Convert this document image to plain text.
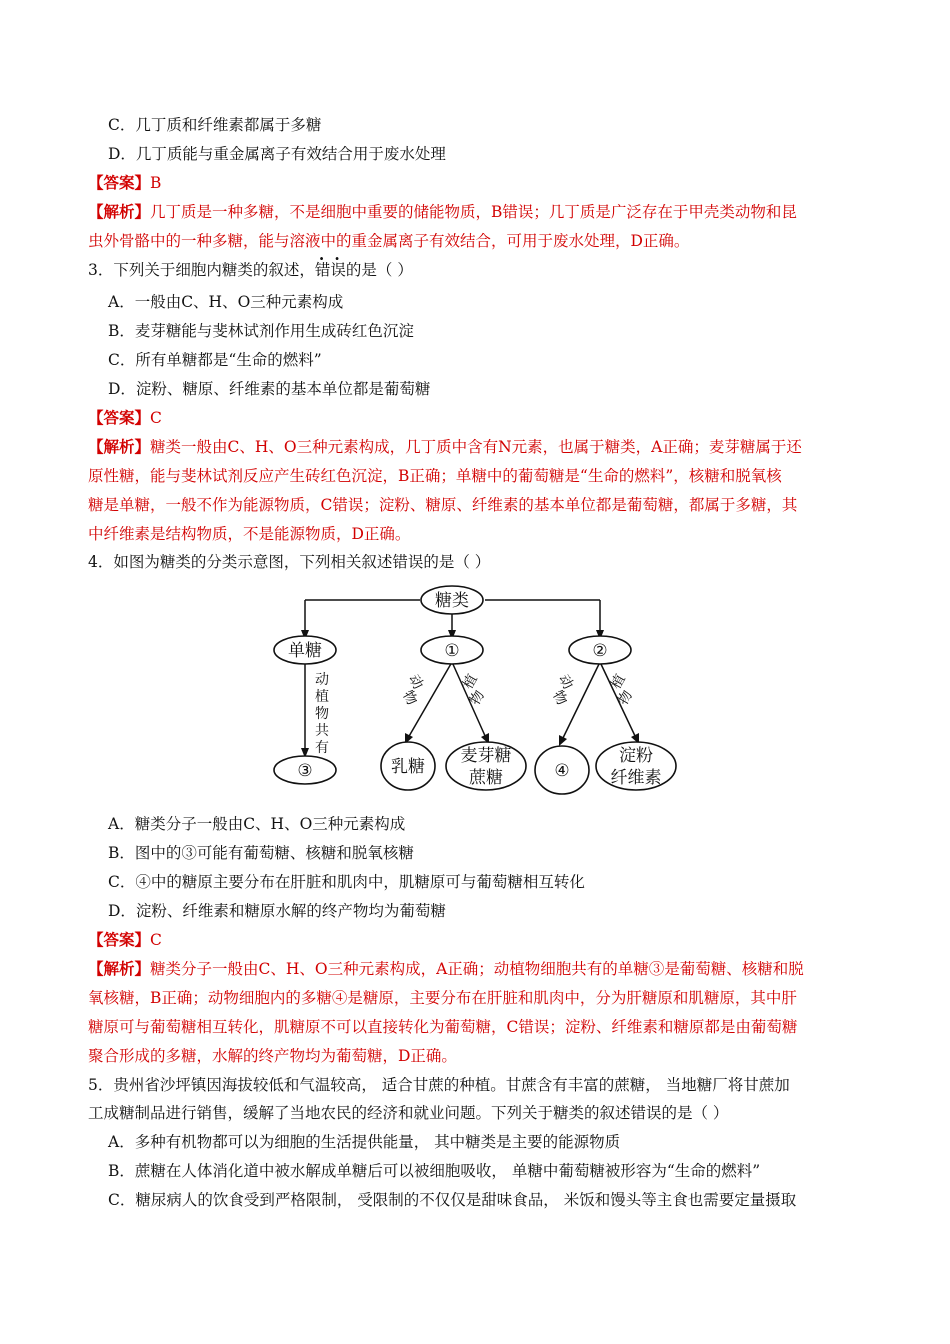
C．几丁质和纤维素都属于多糖
D．几丁质能与重金属离子有效结合用于废水处理
【答案】B
【解析】几丁质是一种多糖，不是细胞中重要的储能物质，B错误；几丁质是广泛存在于甲壳类动物和昆
虫外骨骼中的一种多糖，能与溶液中的重金属离子有效结合，可用于废水处理，D正确。
3．下列关于细胞内糖类的叙述，错误的是（ ）
A．一般由C、H、O三种元素构成
B．麦芽糖能与斐林试剂作用生成砖红色沉淀
C．所有单糖都是“生命的燃料”
D．淀粉、糖原、纤维素的基本单位都是葡萄糖
【答案】C
【解析】糖类一般由C、H、O三种元素构成，几丁质中含有N元素，也属于糖类，A正确；麦芽糖属于还
原性糖，能与斐林试剂反应产生砖红色沉淀，B正确；单糖中的葡萄糖是“生命的燃料”，核糖和脱氧核
糖是单糖，一般不作为能源物质，C错误；淀粉、糖原、纤维素的基本单位都是葡萄糖，都属于多糖，其
中纤维素是结构物质，不是能源物质，D正确。
4．如图为糖类的分类示意图，下列相关叙述错误的是（ ）
糖类
单糖	①	②
③	乳糖
麦芽糖
蔗糖	④
淀粉
纤维素
动
植
物
共
有
动
物
植
物
动
物
植
物
A．糖类分子一般由C、H、O三种元素构成
B．图中的③可能有葡萄糖、核糖和脱氧核糖
C．④中的糖原主要分布在肝脏和肌肉中，肌糖原可与葡萄糖相互转化
D．淀粉、纤维素和糖原水解的终产物均为葡萄糖
【答案】C
【解析】糖类分子一般由C、H、O三种元素构成，A正确；动植物细胞共有的单糖③是葡萄糖、核糖和脱
氧核糖，B正确；动物细胞内的多糖④是糖原，主要分布在肝脏和肌肉中，分为肝糖原和肌糖原，其中肝
糖原可与葡萄糖相互转化，肌糖原不可以直接转化为葡萄糖，C错误；淀粉、纤维素和糖原都是由葡萄糖
聚合形成的多糖，水解的终产物均为葡萄糖，D正确。
5．贵州省沙坪镇因海拔较低和气温较高， 适合甘蔗的种植。甘蔗含有丰富的蔗糖， 当地糖厂将甘蔗加
工成糖制品进行销售，缓解了当地农民的经济和就业问题。下列关于糖类的叙述错误的是（ ）
A．多种有机物都可以为细胞的生活提供能量， 其中糖类是主要的能源物质
B．蔗糖在人体消化道中被水解成单糖后可以被细胞吸收， 单糖中葡萄糖被形容为“生命的燃料”
C．糖尿病人的饮食受到严格限制， 受限制的不仅仅是甜味食品， 米饭和馒头等主食也需要定量摄取
